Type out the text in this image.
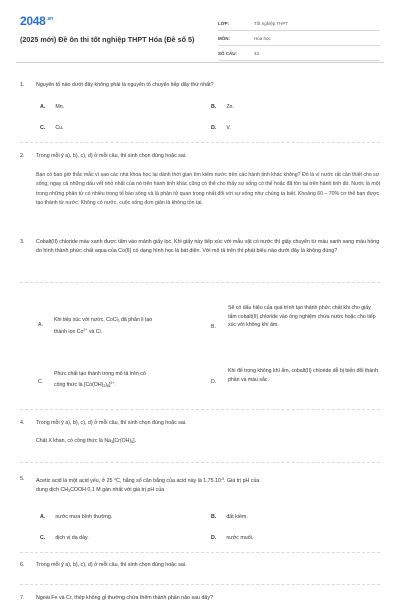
$2048^{.vn}$
(2025 mới) Đề ôn thi tốt nghiệp THPT Hóa (Đề số 5)
LỚP:	Tốt nghiệp THPT
MÔN:	Hóa học
SỐ CÂU:	43
1. Nguyên tố nào dưới đây không phải là nguyên tố chuyển tiếp dãy thứ nhất?
A. Mn.	B. Zn.
C. Cu.	D. V.
2. Trong mỗi ý a), b), c), d) ở mỗi câu, thí sinh chọn đúng hoặc sai.
Bạn có bao giờ thắc mắc vì sao các nhà khoa học lại dành thời gian tìm kiếm nước trên các hành tinh khác không? Đó là vì nước rất cần thiết cho sự sống; ngay cả những dấu vết nhỏ nhất của nó trên hành tinh khác cũng có thể cho thấy sự sống có thể hoặc đã tồn tại trên hành tinh đó. Nước là một trong những phân tử có nhiều trong tế bào sống và là phân tử quan trọng nhất đối với sự sống như chúng ta biết. Khoảng 60 – 70% cơ thể bạn được tạo thành từ nước. Không có nước, cuộc sống đơn giản là không tồn tại.
3. Cobalt(II) chloride màu xanh được tẩm vào mảnh giấy lọc. Khi giấy này tiếp xúc với mẫu vật có nước thì giấy chuyển từ màu xanh sang màu hồng do hình thành phức chất aqua của Co(II) có dạng hình học là bát diện. Với mô tả trên thì phát biểu nào dưới đây là không đúng?
A.
Khi tiếp xúc với nước, CoCl$_2$ đã phân li tạo
thành ion $Co^{2+}$ và Cl.
B.
Sẽ có dấu hiệu của quá trình tạo thành phức chất khi cho giấy tẩm cobalt(II) chloride vào ống nghiệm chứa nước hoặc cho tiếp xúc với không khí ẩm.
C.
Phức chất tạo thành trong mô tả trên có
công thức là $[Co(OH)_2)_6]^{2+}$.	D.
Khi để trong không khí ẩm, cobalt(II) chloride dễ bị biến đổi thành phần và màu sắc.
4. Trong mỗi ý a), b), c), d) ở mỗi câu, thí sinh chọn đúng hoặc sai.
Chất X khan, có công thức là $Na_3[Cr(OH)_6]$.
5. Acetic acid là một acid yếu, ở 25 °C, hằng số cân bằng của acid này là $1,75.10^{-5}$. Giá trị pH của
dung dịch $CH_3COOH$ 0,1 M gần nhất với giá trị pH của
A. nước mưa bình thường.	B. đất kiềm.
C. dịch vị dạ dày.	D. nước muối.
6. Trong mỗi ý a), b), c), d) ở mỗi câu, thí sinh chọn đúng hoặc sai.
7. Ngoài Fe và Cr, thép không gỉ thường chứa thêm thành phần nào sau đây?
